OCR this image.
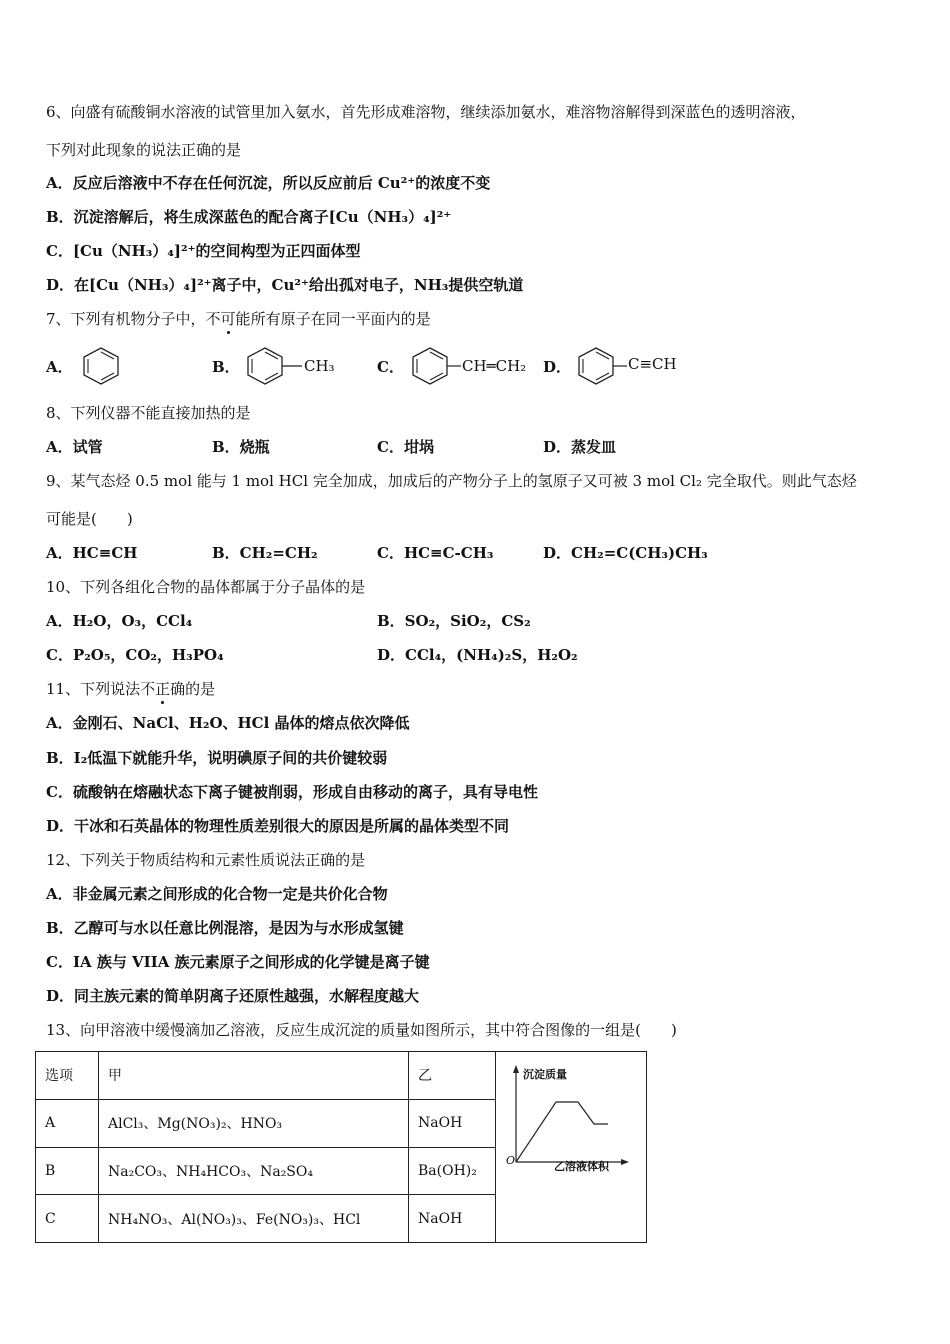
6、向盛有硫酸铜水溶液的试管里加入氨水，首先形成难溶物，继续添加氨水，难溶物溶解得到深蓝色的透明溶液，
下列对此现象的说法正确的是
A．反应后溶液中不存在任何沉淀，所以反应前后 Cu²⁺的浓度不变
B．沉淀溶解后，将生成深蓝色的配合离子[Cu（NH₃）₄]²⁺
C．[Cu（NH₃）₄]²⁺的空间构型为正四面体型
D．在[Cu（NH₃）₄]²⁺离子中，Cu²⁺给出孤对电子，NH₃提供空轨道
7、下列有机物分子中，不可能所有原子在同一平面内的是
A．	B．	CH₃	C．	CH═CH₂ D．	C≡CH
8、下列仪器不能直接加热的是
A．试管	B．烧瓶	C．坩埚	D．蒸发皿
9、某气态烃 0.5 mol 能与 1 mol HCl 完全加成，加成后的产物分子上的氢原子又可被 3 mol Cl₂ 完全取代。则此气态烃
可能是(　　)
A．HC≡CH	B．CH₂=CH₂	C．HC≡C-CH₃	D．CH₂=C(CH₃)CH₃
10、下列各组化合物的晶体都属于分子晶体的是
A．H₂O，O₃，CCl₄	B．SO₂，SiO₂，CS₂
C．P₂O₅，CO₂，H₃PO₄	D．CCl₄，(NH₄)₂S，H₂O₂
11、下列说法不正确的是
A．金刚石、NaCl、H₂O、HCl 晶体的熔点依次降低
B．I₂低温下就能升华，说明碘原子间的共价键较弱
C．硫酸钠在熔融状态下离子键被削弱，形成自由移动的离子，具有导电性
D．干冰和石英晶体的物理性质差别很大的原因是所属的晶体类型不同
12、下列关于物质结构和元素性质说法正确的是
A．非金属元素之间形成的化合物一定是共价化合物
B．乙醇可与水以任意比例混溶，是因为与水形成氢键
C．IA 族与 VIIA 族元素原子之间形成的化学键是离子键
D．同主族元素的简单阴离子还原性越强，水解程度越大
13、向甲溶液中缓慢滴加乙溶液，反应生成沉淀的质量如图所示，其中符合图像的一组是(　　)
选项	甲	乙	沉淀质量
O 乙溶液体积

A	AlCl₃、Mg(NO₃)₂、HNO₃	NaOH	
B	Na₂CO₃、NH₄HCO₃、Na₂SO₄	Ba(OH)₂	
C	NH₄NO₃、Al(NO₃)₃、Fe(NO₃)₃、HCl	NaOH	
